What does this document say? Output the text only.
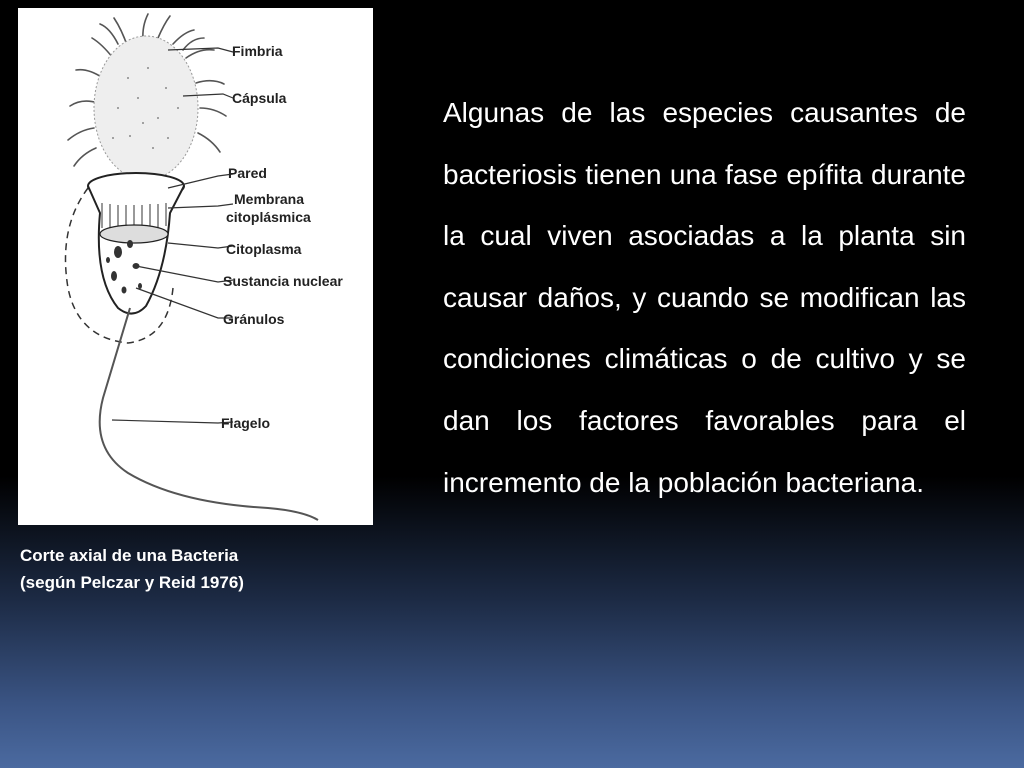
Fimbria
Cápsula
Pared
Membrana
citoplásmica
Citoplasma
Sustancia nuclear
Gránulos
Flagelo
Corte axial de una Bacteria
(según Pelczar y Reid 1976)
Algunas de las especies causantes de bacteriosis tienen una fase epífita durante la cual viven asociadas a la planta sin causar daños, y cuando se modifican las condiciones climáticas o de cultivo y se dan los factores favorables para el incremento de la población bacteriana.
